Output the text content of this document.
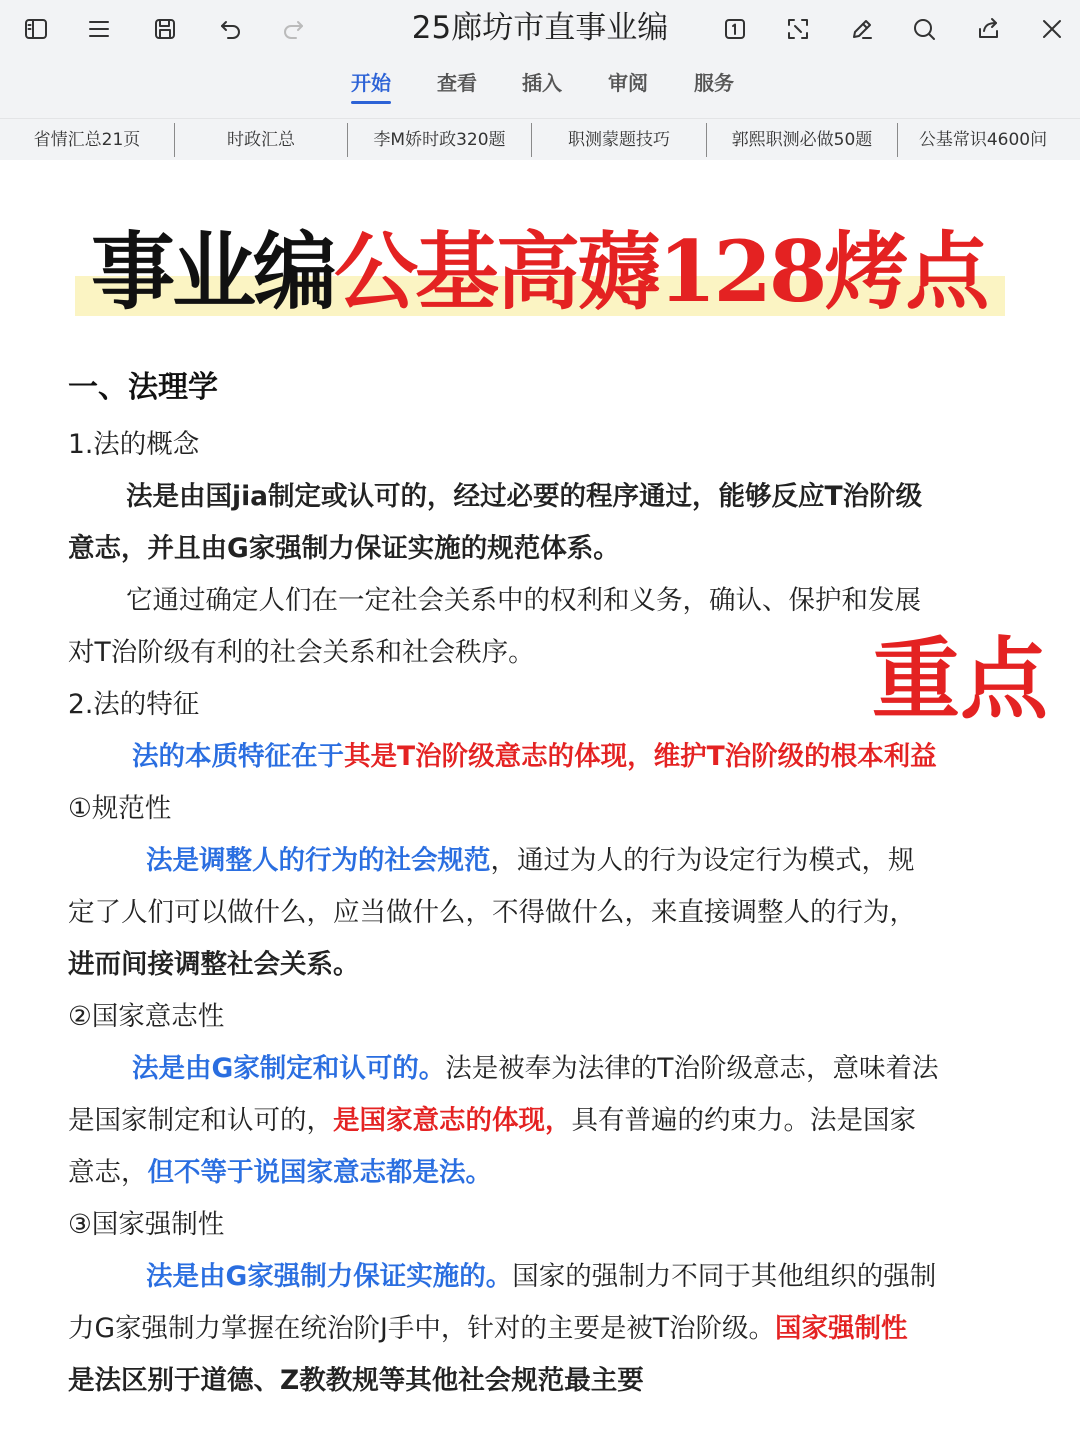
25廊坊市直事业编
开始 查看 插入 审阅 服务
省情汇总21页	时政汇总	李M娇时政320题	职测蒙题技巧	郭熙职测必做50题	公基常识4600问
事业编公基高薅128烤点
一、法理学
1.法的概念
法是由国jia制定或认可的，经过必要的程序通过，能够反应T治阶级
意志，并且由G家强制力保证实施的规范体系。
它通过确定人们在一定社会关系中的权利和义务，确认、保护和发展
对T治阶级有利的社会关系和社会秩序。	重点
2.法的特征
法的本质特征在于其是T治阶级意志的体现，维护T治阶级的根本利益
①规范性
法是调整人的行为的社会规范，通过为人的行为设定行为模式，规
定了人们可以做什么，应当做什么，不得做什么，来直接调整人的行为，
进而间接调整社会关系。
②国家意志性
法是由G家制定和认可的。法是被奉为法律的T治阶级意志，意味着法
是国家制定和认可的，是国家意志的体现，具有普遍的约束力。法是国家
意志，但不等于说国家意志都是法。
③国家强制性
法是由G家强制力保证实施的。国家的强制力不同于其他组织的强制
力G家强制力掌握在统治阶J手中，针对的主要是被T治阶级。国家强制性
是法区别于道德、Z教教规等其他社会规范最主要
